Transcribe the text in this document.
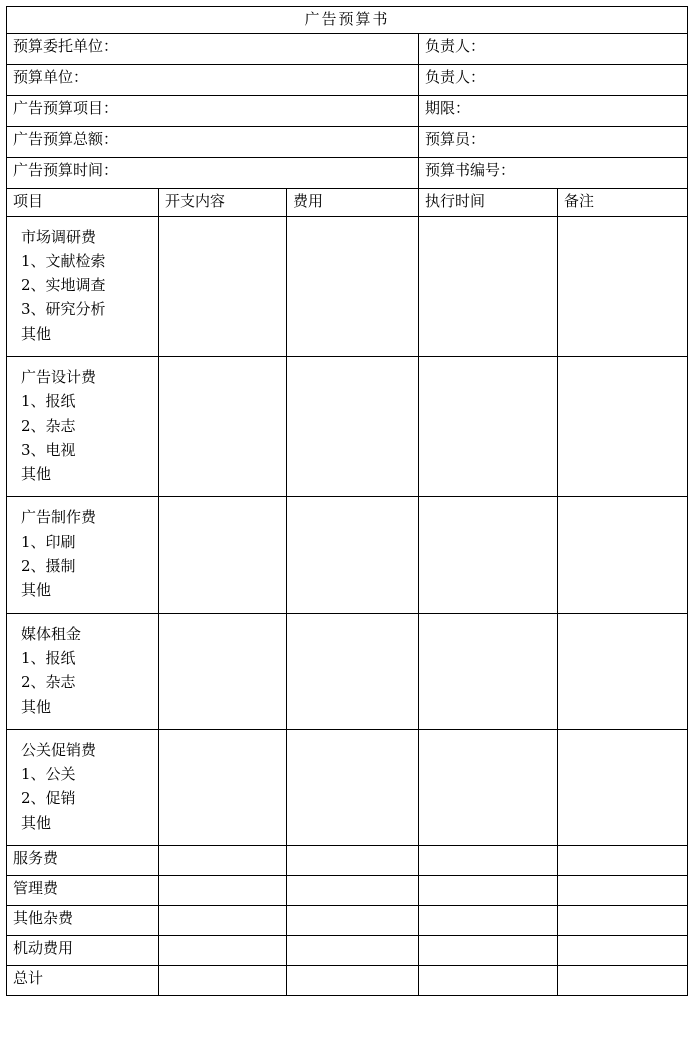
广告预算书				
预算委托单位：			负责人：	
预算单位：			负责人：	
广告预算项目：			期限：	
广告预算总额：			预算员：	
广告预算时间：			预算书编号：	
项目	开支内容	费用	执行时间	备注

市场调研费
1、文献检索
2、实地调查
3、研究分析
其他				

广告设计费
1、报纸
2、杂志
3、电视
其他				

广告制作费
1、印刷
2、摄制
其他				

媒体租金
1、报纸
2、杂志
其他				

公关促销费
1、公关
2、促销
其他				

服务费				
管理费				
其他杂费				
机动费用				
总计				
